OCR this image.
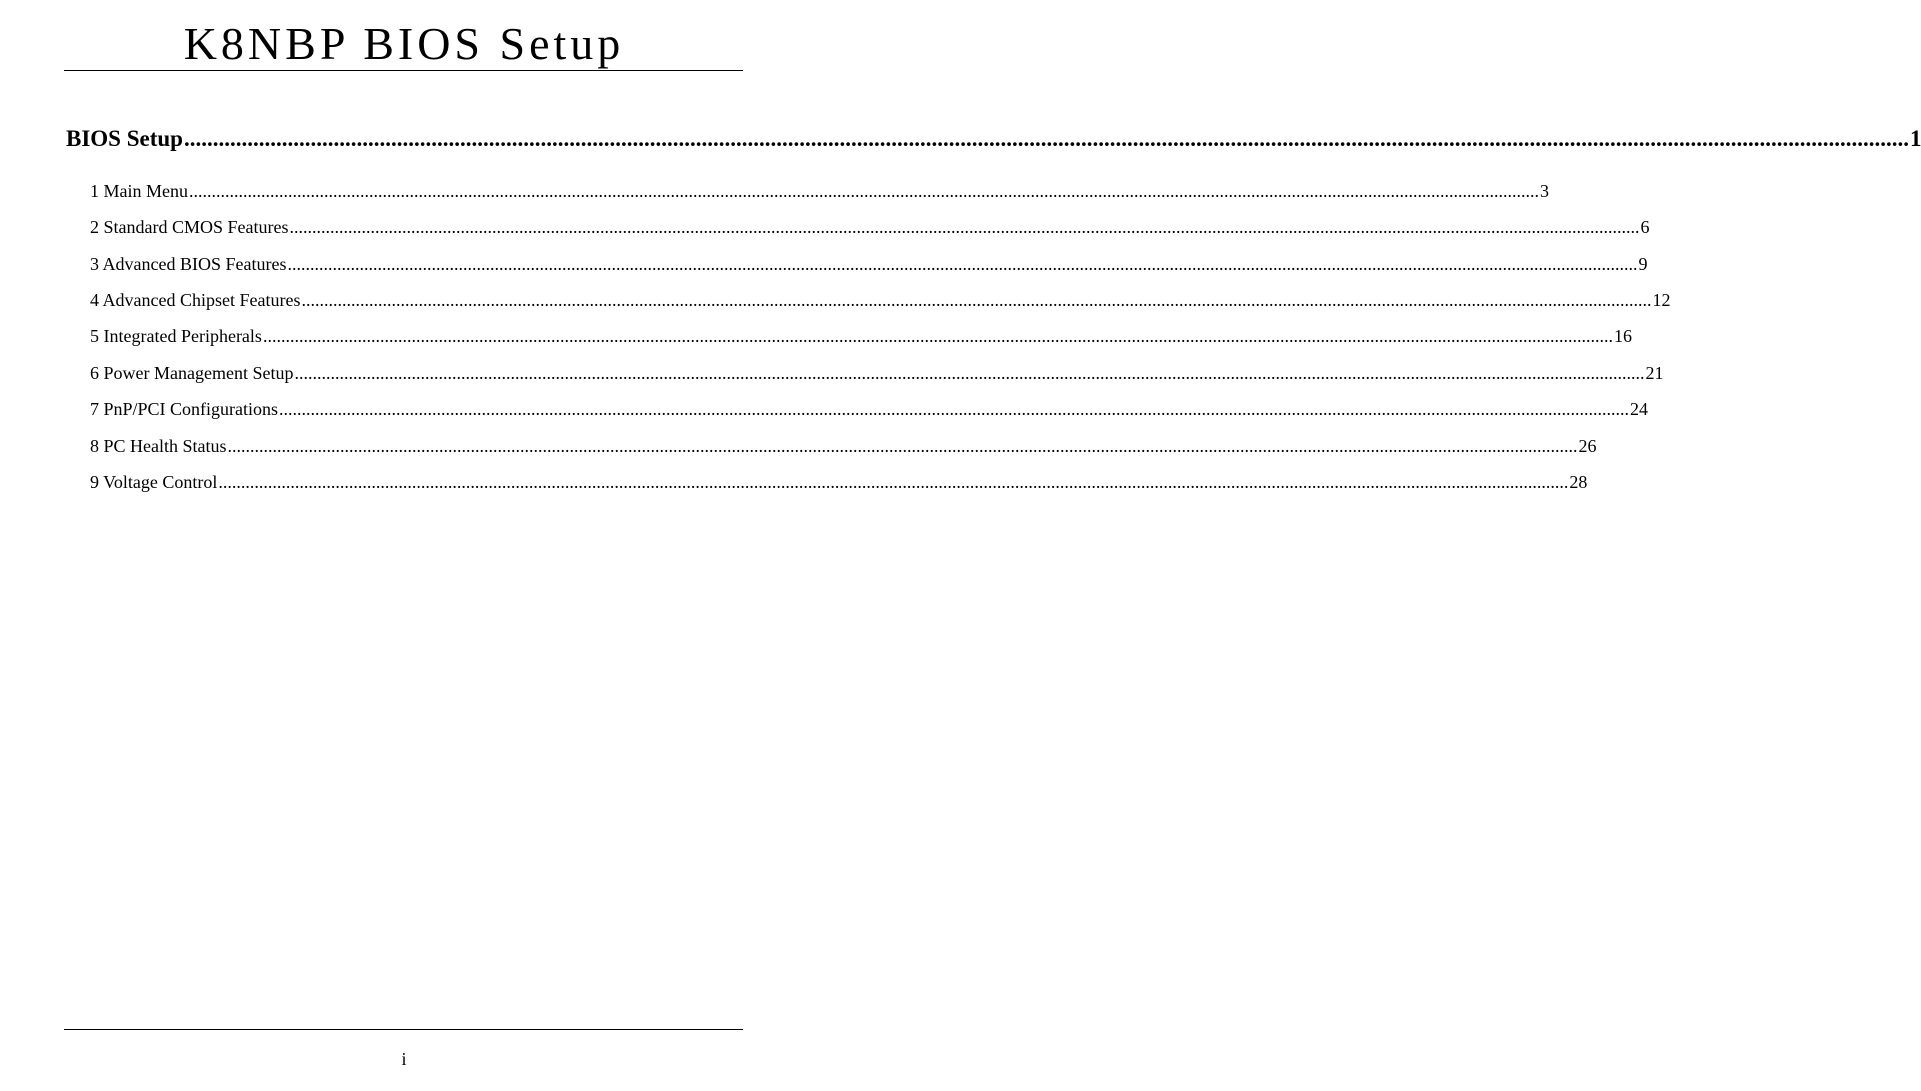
K8NBP BIOS Setup
BIOS Setup ............................................................................................................................................................................................................................................................................................................ 1
1 Main Menu ............................................................................................................................................................................................................................................................................................................ 3
2 Standard CMOS Features ............................................................................................................................................................................................................................................................................................................ 6
3 Advanced BIOS Features ............................................................................................................................................................................................................................................................................................................ 9
4 Advanced Chipset Features ............................................................................................................................................................................................................................................................................................................ 12
5 Integrated Peripherals ............................................................................................................................................................................................................................................................................................................ 16
6 Power Management Setup ............................................................................................................................................................................................................................................................................................................ 21
7 PnP/PCI Configurations ............................................................................................................................................................................................................................................................................................................ 24
8 PC Health Status ............................................................................................................................................................................................................................................................................................................ 26
9 Voltage Control ............................................................................................................................................................................................................................................................................................................ 28
i
